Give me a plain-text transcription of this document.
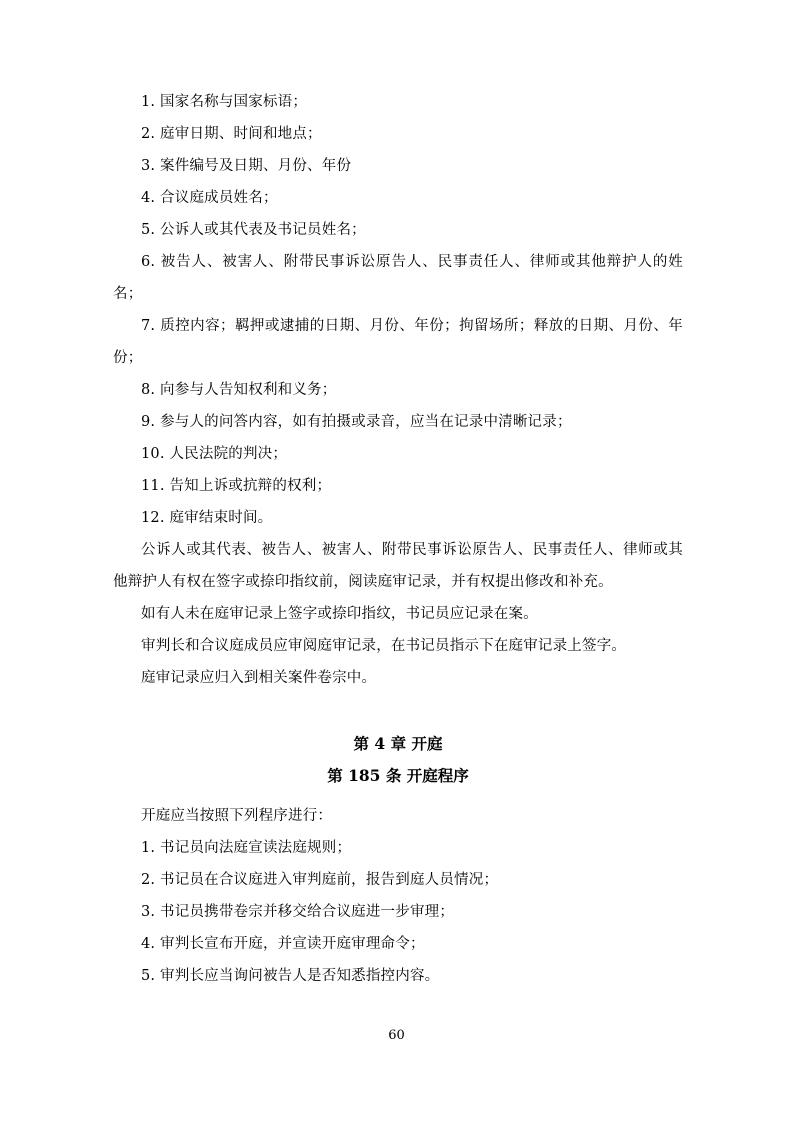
1. 国家名称与国家标语；

2. 庭审日期、时间和地点；

3. 案件编号及日期、月份、年份

4. 合议庭成员姓名；

5. 公诉人或其代表及书记员姓名；

6. 被告人、被害人、附带民事诉讼原告人、民事责任人、律师或其他辩护人的姓名；

7. 质控内容；羁押或逮捕的日期、月份、年份；拘留场所；释放的日期、月份、年份；

8. 向参与人告知权利和义务；

9. 参与人的问答内容，如有拍摄或录音，应当在记录中清晰记录；

10. 人民法院的判决；

11. 告知上诉或抗辩的权利；

12. 庭审结束时间。

公诉人或其代表、被告人、被害人、附带民事诉讼原告人、民事责任人、律师或其他辩护人有权在签字或捺印指纹前，阅读庭审记录，并有权提出修改和补充。

如有人未在庭审记录上签字或捺印指纹，书记员应记录在案。

审判长和合议庭成员应审阅庭审记录，在书记员指示下在庭审记录上签字。

庭审记录应归入到相关案件卷宗中。

第 4 章 开庭

第 185 条 开庭程序

开庭应当按照下列程序进行：

1. 书记员向法庭宣读法庭规则；

2. 书记员在合议庭进入审判庭前，报告到庭人员情况；

3. 书记员携带卷宗并移交给合议庭进一步审理；

4. 审判长宣布开庭，并宣读开庭审理命令；

5. 审判长应当询问被告人是否知悉指控内容。

60
